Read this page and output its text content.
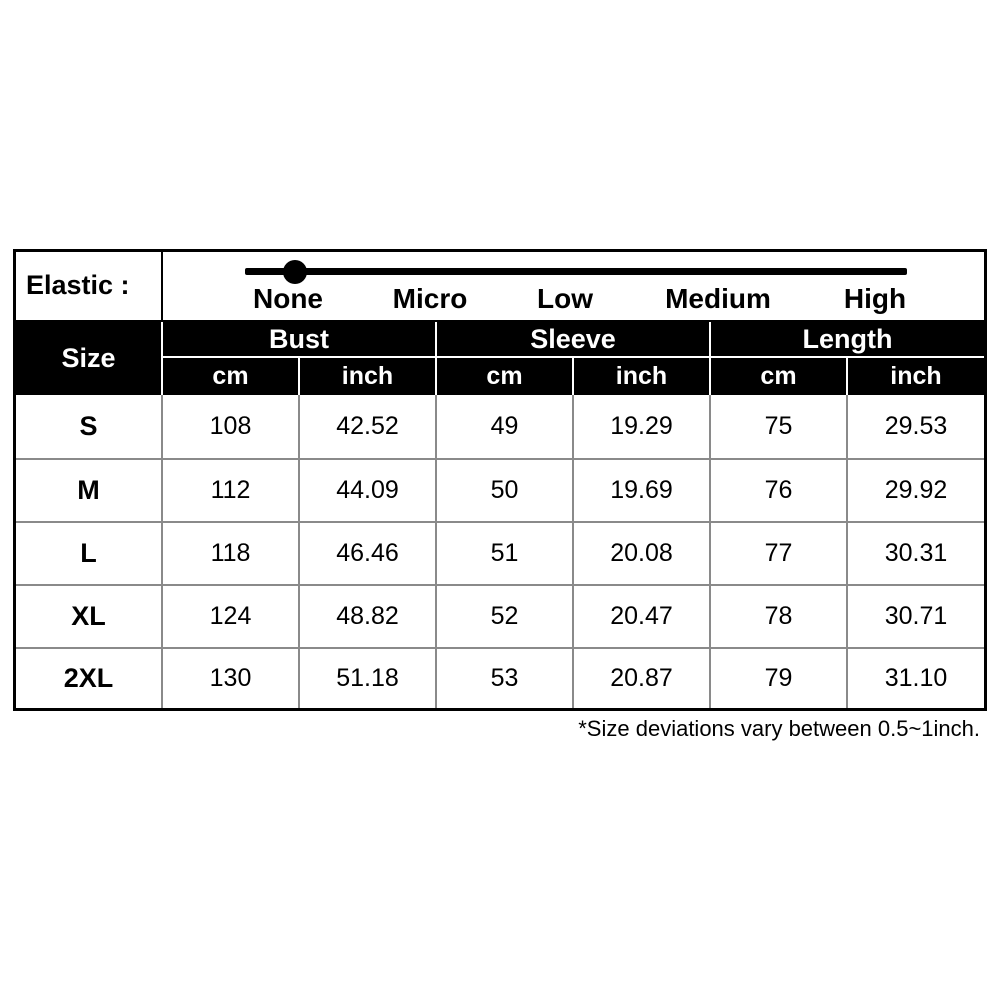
Elastic :	None Micro Low	Medium	High
Size
Bust	Sleeve	Length
cm	inch	cm	inch	cm	inch
S	108	42.52	49	19.29	75	29.53
M	112	44.09	50	19.69	76	29.92
L	118	46.46	51	20.08	77	30.31
XL	124	48.82	52	20.47	78	30.71
2XL	130	51.18	53	20.87	79	31.10
*Size deviations vary between 0.5~1inch.
